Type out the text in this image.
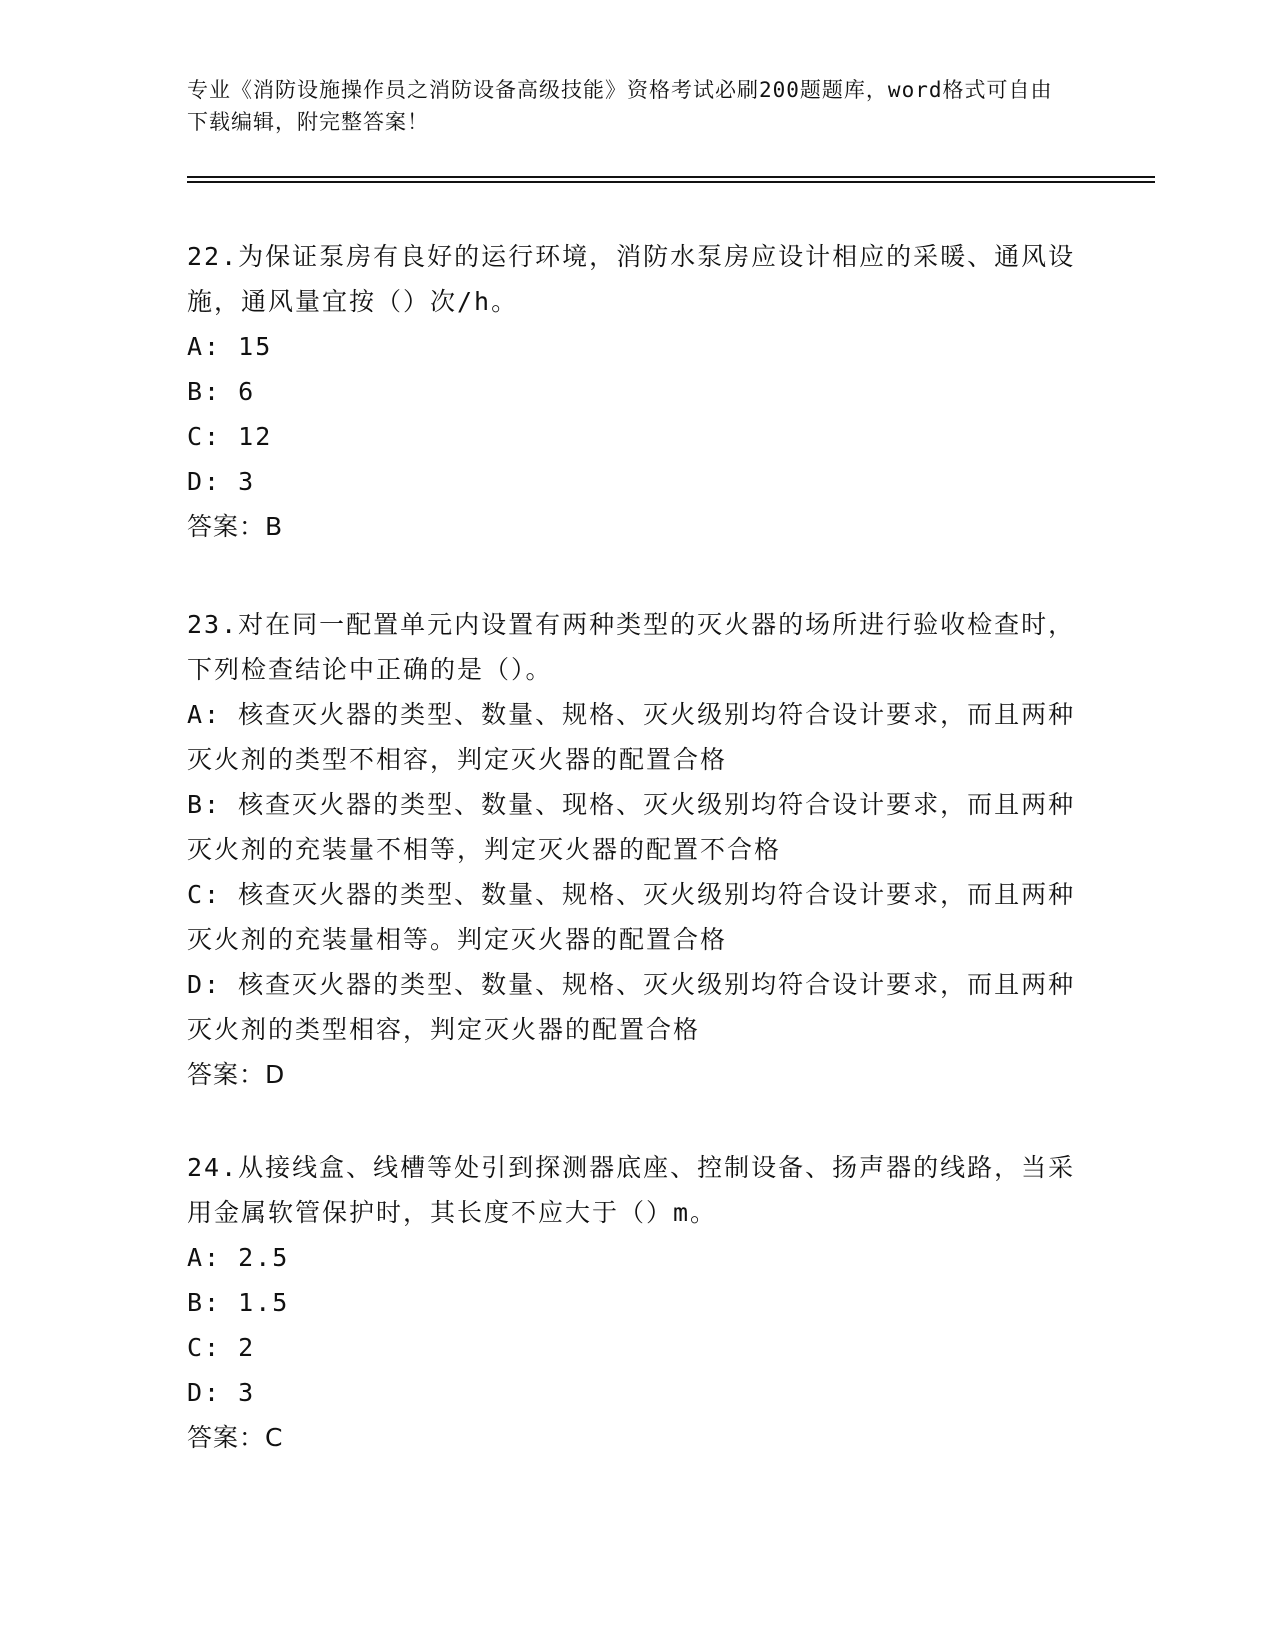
专业《消防设施操作员之消防设备高级技能》资格考试必刷200题题库，word格式可自由下载编辑，附完整答案！

22.为保证泵房有良好的运行环境，消防水泵房应设计相应的采暖、通风设施，通风量宜按（）次/h。

A: 15

B: 6

C: 12

D: 3

答案：B

23.对在同一配置单元内设置有两种类型的灭火器的场所进行验收检查时，下列检查结论中正确的是（）。

A: 核查灭火器的类型、数量、规格、灭火级别均符合设计要求，而且两种灭火剂的类型不相容，判定灭火器的配置合格

B: 核查灭火器的类型、数量、现格、灭火级别均符合设计要求，而且两种灭火剂的充装量不相等，判定灭火器的配置不合格

C: 核查灭火器的类型、数量、规格、灭火级别均符合设计要求，而且两种灭火剂的充装量相等。判定灭火器的配置合格

D: 核查灭火器的类型、数量、规格、灭火级别均符合设计要求，而且两种灭火剂的类型相容，判定灭火器的配置合格

答案：D

24.从接线盒、线槽等处引到探测器底座、控制设备、扬声器的线路，当采用金属软管保护时，其长度不应大于（）m。

A: 2.5

B: 1.5

C: 2

D: 3

答案：C
